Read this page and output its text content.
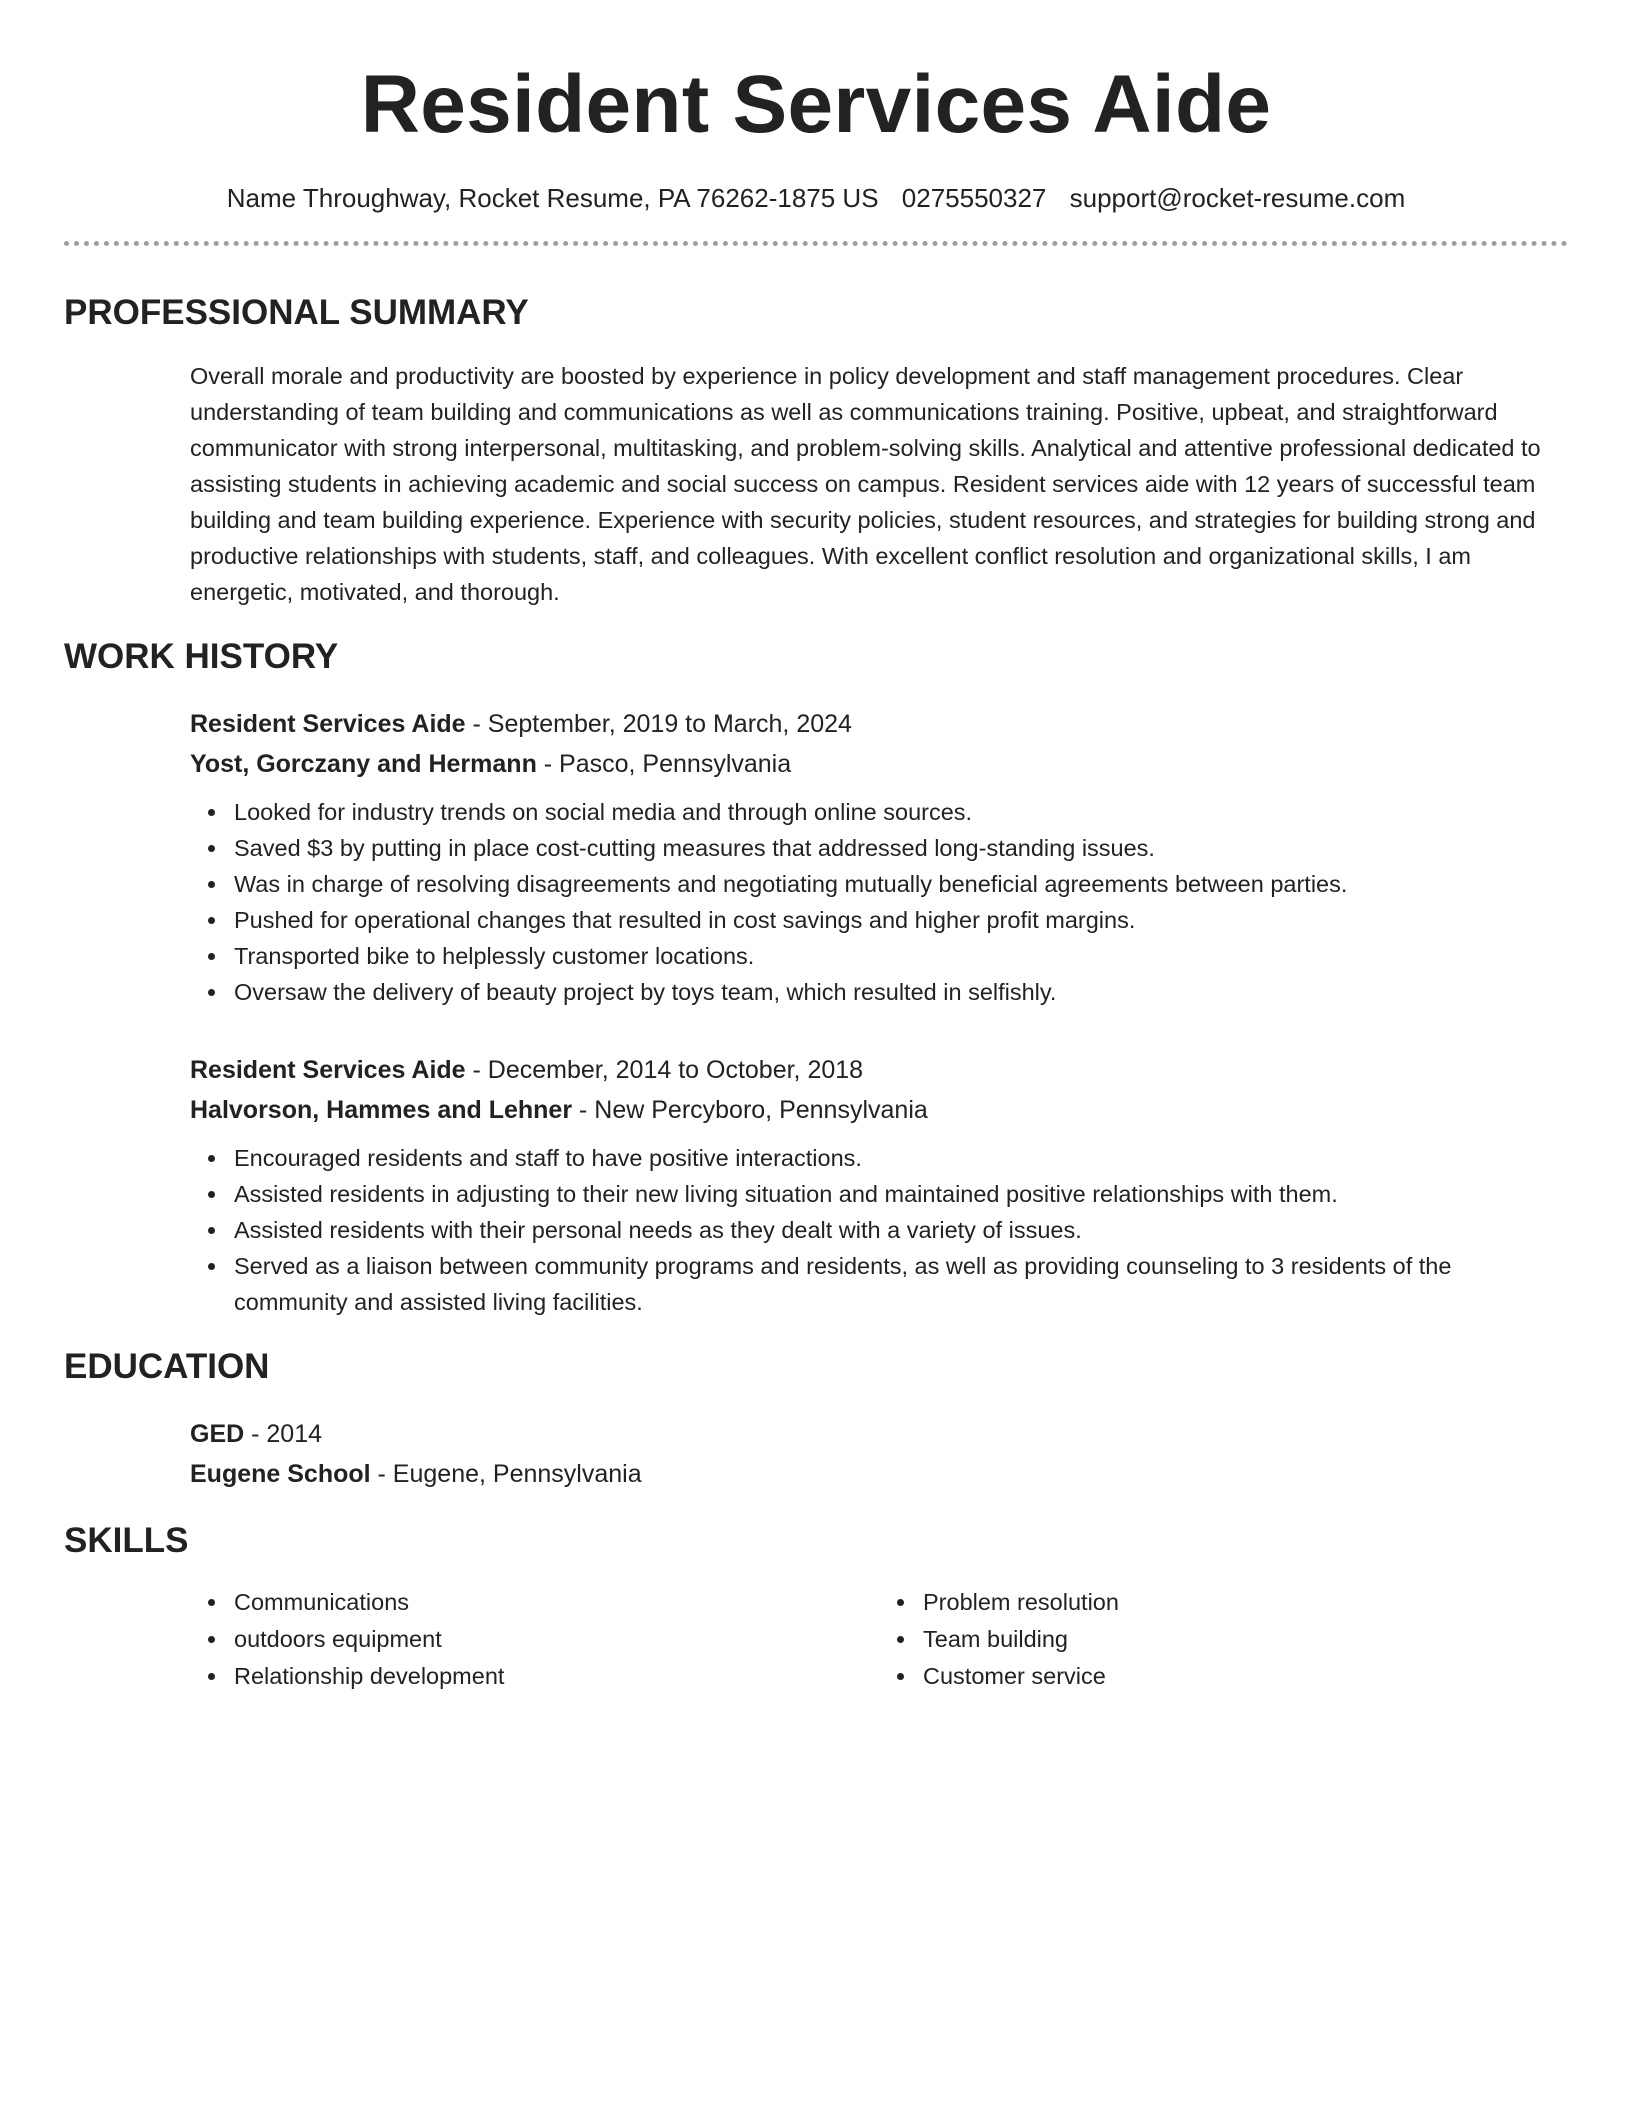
Resident Services Aide
Name Throughway, Rocket Resume, PA 76262-1875 US 0275550327 support@rocket-resume.com
PROFESSIONAL SUMMARY

Overall morale and productivity are boosted by experience in policy development and staff management procedures. Clear understanding of team building and communications as well as communications training. Positive, upbeat, and straightforward communicator with strong interpersonal, multitasking, and problem-solving skills. Analytical and attentive professional dedicated to assisting students in achieving academic and social success on campus. Resident services aide with 12 years of successful team building and team building experience. Experience with security policies, student resources, and strategies for building strong and productive relationships with students, staff, and colleagues. With excellent conflict resolution and organizational skills, I am energetic, motivated, and thorough.

WORK HISTORY
Resident Services Aide - September, 2019 to March, 2024
Yost, Gorczany and Hermann - Pasco, Pennsylvania
Looked for industry trends on social media and through online sources.
Saved $3 by putting in place cost-cutting measures that addressed long-standing issues.
Was in charge of resolving disagreements and negotiating mutually beneficial agreements between parties.
Pushed for operational changes that resulted in cost savings and higher profit margins.
Transported bike to helplessly customer locations.
Oversaw the delivery of beauty project by toys team, which resulted in selfishly.
Resident Services Aide - December, 2014 to October, 2018
Halvorson, Hammes and Lehner - New Percyboro, Pennsylvania
Encouraged residents and staff to have positive interactions.
Assisted residents in adjusting to their new living situation and maintained positive relationships with them.
Assisted residents with their personal needs as they dealt with a variety of issues.
Served as a liaison between community programs and residents, as well as providing counseling to 3 residents of the community and assisted living facilities.
EDUCATION
GED - 2014
Eugene School - Eugene, Pennsylvania
SKILLS
Communications
outdoors equipment
Relationship development
Problem resolution
Team building
Customer service
